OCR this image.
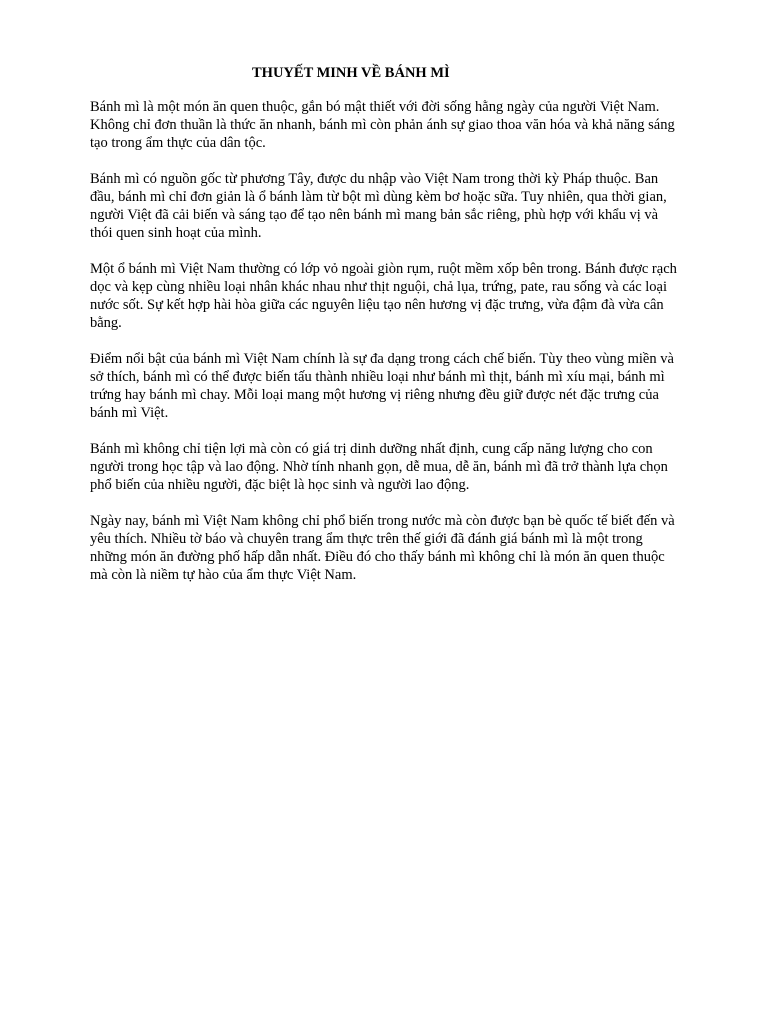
THUYẾT MINH VỀ BÁNH MÌ

Bánh mì là một món ăn quen thuộc, gắn bó mật thiết với đời sống hằng ngày của người Việt Nam. Không chỉ đơn thuần là thức ăn nhanh, bánh mì còn phản ánh sự giao thoa văn hóa và khả năng sáng tạo trong ẩm thực của dân tộc.

Bánh mì có nguồn gốc từ phương Tây, được du nhập vào Việt Nam trong thời kỳ Pháp thuộc. Ban đầu, bánh mì chỉ đơn giản là ổ bánh làm từ bột mì dùng kèm bơ hoặc sữa. Tuy nhiên, qua thời gian, người Việt đã cải biến và sáng tạo để tạo nên bánh mì mang bản sắc riêng, phù hợp với khẩu vị và thói quen sinh hoạt của mình.

Một ổ bánh mì Việt Nam thường có lớp vỏ ngoài giòn rụm, ruột mềm xốp bên trong. Bánh được rạch dọc và kẹp cùng nhiều loại nhân khác nhau như thịt nguội, chả lụa, trứng, pate, rau sống và các loại nước sốt. Sự kết hợp hài hòa giữa các nguyên liệu tạo nên hương vị đặc trưng, vừa đậm đà vừa cân bằng.

Điểm nổi bật của bánh mì Việt Nam chính là sự đa dạng trong cách chế biến. Tùy theo vùng miền và sở thích, bánh mì có thể được biến tấu thành nhiều loại như bánh mì thịt, bánh mì xíu mại, bánh mì trứng hay bánh mì chay. Mỗi loại mang một hương vị riêng nhưng đều giữ được nét đặc trưng của bánh mì Việt.

Bánh mì không chỉ tiện lợi mà còn có giá trị dinh dưỡng nhất định, cung cấp năng lượng cho con người trong học tập và lao động. Nhờ tính nhanh gọn, dễ mua, dễ ăn, bánh mì đã trở thành lựa chọn phổ biến của nhiều người, đặc biệt là học sinh và người lao động.

Ngày nay, bánh mì Việt Nam không chỉ phổ biến trong nước mà còn được bạn bè quốc tế biết đến và yêu thích. Nhiều tờ báo và chuyên trang ẩm thực trên thế giới đã đánh giá bánh mì là một trong những món ăn đường phố hấp dẫn nhất. Điều đó cho thấy bánh mì không chỉ là món ăn quen thuộc mà còn là niềm tự hào của ẩm thực Việt Nam.
